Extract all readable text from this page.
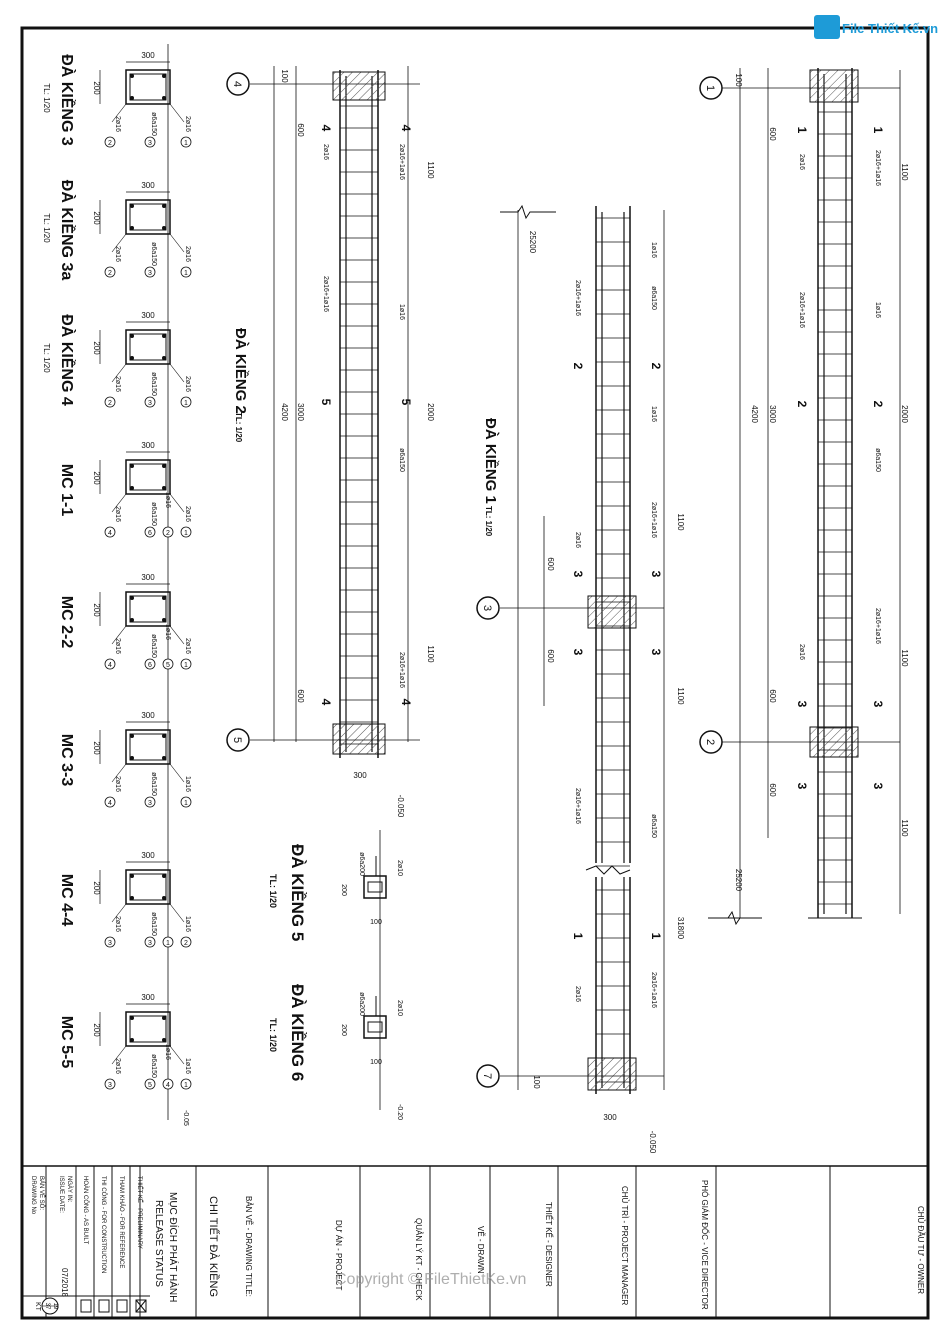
1
2
3
4
5
7
100
600
1100
2000
3000
4200
1100
600
600
1100
25200
25200
1100
600
600
1100
31800
100
300
100
600
1100
2000
4200 3000
1100
600
300
-0.050
-0.050
1	1
2	2
3	3
3	3
2	2
3	3
3	3
1	1
4	4
5	5
4	4
2ø16+1ø16
2ø16
2ø16+1ø16	1ø16
ø6a150
2ø16+1ø16
2ø16
1ø16
2ø16+1ø16	ø6a150
1ø16
2ø16+1ø16
2ø16
2ø16+1ø16
ø6a150
2ø16+1ø16
2ø16
2ø16	2ø16+1ø16
2ø16+1ø16	1ø16
ø6a150
2ø16+1ø16
2ø10
ø6a200
200
100
2ø10
ø6a200
200
100
-0.20
300
200
2ø16	ø6a150	2ø16
2	3	1
ĐÀ KIỀNG 3
TL: 1/20
300
200
2ø16	ø6a150	2ø16
2	3	1
ĐÀ KIỀNG 3a
TL: 1/20
300
200
2ø16	ø6a150	2ø16
2	3	1
ĐÀ KIỀNG 4
TL: 1/20
300
200
2ø16	ø6a150	2ø16
1ø16
4	6	1
2
MC 1-1
300
200
2ø16	ø6a150	2ø16
1ø16
4	6	1
5
MC 2-2
300
200
2ø16	ø6a150	1ø16
4	3	1
MC 3-3
300
200
2ø16	ø6a150	1ø16
3	3	2
1
MC 4-4
300
200
2ø16	ø6a150	1ø16
1ø16
3	5	1
4
MC 5-5
-0.05
ĐÀ KIỀNG 1
TL: 1/20
ĐÀ KIỀNG 2
TL: 1/20
ĐÀ KIỀNG 5
TL: 1/20
ĐÀ KIỀNG 6
TL: 1/20
CHỦ ĐẦU TƯ - OWNER
PHÓ GIÁM ĐỐC - VICE DIRECTOR
CHỦ TRÌ - PROJECT MANAGER
THIẾT KẾ - DESIGNER
VẼ - DRAWN
QUẢN LÝ KT - CHECK
DỰ ÁN - PROJECT
BẢN VẼ - DRAWING TITLE:
CHI TIẾT ĐÀ KIỀNG
MỤC ĐÍCH PHÁT HÀNH
RELEASE STATUS
THIẾT KẾ - PRELIMINARY
THAM KHẢO - FOR REFERENCE
THI CÔNG - FOR CONSTRUCTION
HOÀN CÔNG - AS BUILT
NGÀY IN:
ISSUE DATE:
07/2018
BẢN VẼ SỐ:
DRAWING No
KT 19
37
File Thiết Kế.vn
Copyright © FileThietKe.vn
